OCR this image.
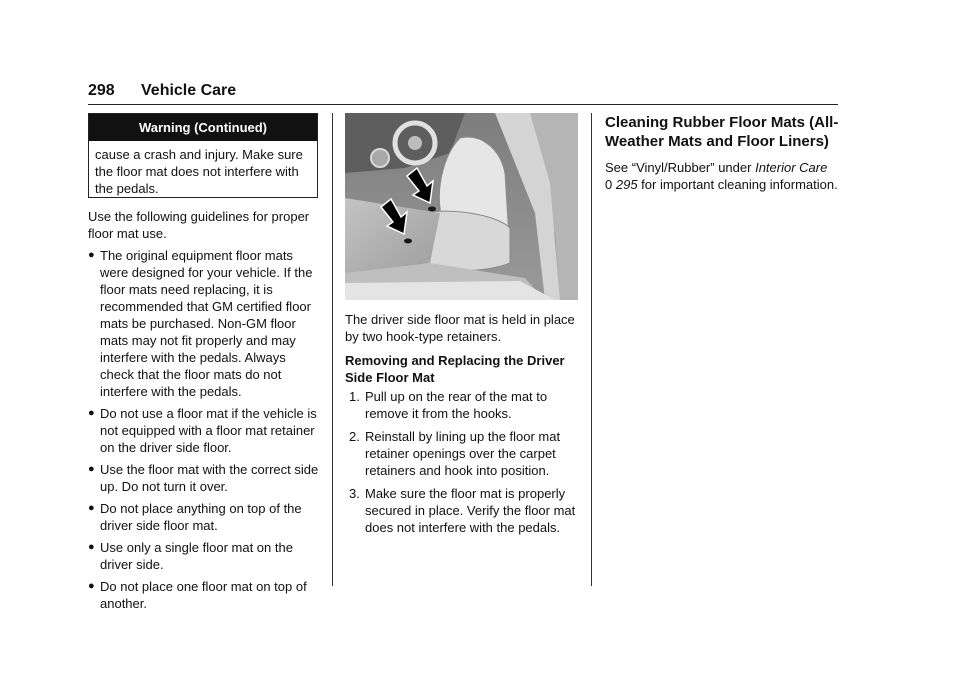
298 Vehicle Care
Warning (Continued)
cause a crash and injury. Make sure the floor mat does not interfere with the pedals.

Use the following guidelines for proper floor mat use.

● The original equipment floor mats were designed for your vehicle. If the floor mats need replacing, it is recommended that GM certified floor mats be purchased. Non-GM floor mats may not fit properly and may interfere with the pedals. Always check that the floor mats do not interfere with the pedals.
● Do not use a floor mat if the vehicle is not equipped with a floor mat retainer on the driver side floor.
● Use the floor mat with the correct side up. Do not turn it over.
● Do not place anything on top of the driver side floor mat.
● Use only a single floor mat on the driver side.
● Do not place one floor mat on top of another.

The driver side floor mat is held in place by two hook-type retainers.

Removing and Replacing the Driver Side Floor Mat

1. Pull up on the rear of the mat to remove it from the hooks.
2. Reinstall by lining up the floor mat retainer openings over the carpet retainers and hook into position.
3. Make sure the floor mat is properly secured in place. Verify the floor mat does not interfere with the pedals.

Cleaning Rubber Floor Mats (All-Weather Mats and Floor Liners)

See “Vinyl/Rubber” under Interior Care
0 295 for important cleaning information.
